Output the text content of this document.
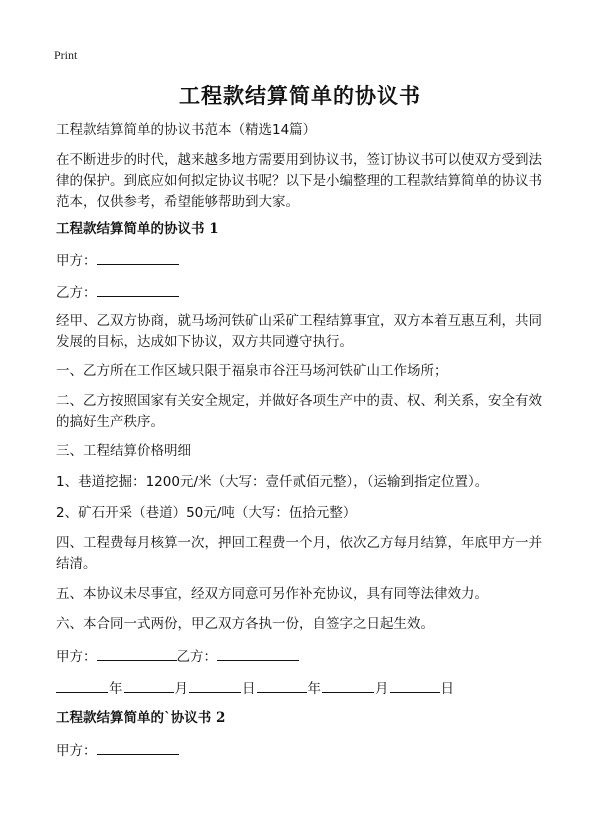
Print
工程款结算简单的协议书
工程款结算简单的协议书范本（精选14篇）
在不断进步的时代，越来越多地方需要用到协议书，签订协议书可以使双方受到法
律的保护。到底应如何拟定协议书呢？以下是小编整理的工程款结算简单的协议书
范本，仅供参考，希望能够帮助到大家。
工程款结算简单的协议书 1
甲方：
乙方：
经甲、乙双方协商，就马场河铁矿山采矿工程结算事宜，双方本着互惠互利，共同
发展的目标，达成如下协议，双方共同遵守执行。
一、乙方所在工作区域只限于福泉市谷汪马场河铁矿山工作场所；
二、乙方按照国家有关安全规定，并做好各项生产中的责、权、利关系，安全有效
的搞好生产秩序。
三、工程结算价格明细
1、巷道挖掘：1200元/米（大写：壹仟贰佰元整），（运输到指定位置）。
2、矿石开采（巷道）50元/吨（大写：伍拾元整）
四、工程费每月核算一次，押回工程费一个月，依次乙方每月结算，年底甲方一并
结清。
五、本协议未尽事宜，经双方同意可另作补充协议，具有同等法律效力。
六、本合同一式两份，甲乙双方各执一份，自签字之日起生效。
甲方：	乙方：
年	月	日	年	月	日
工程款结算简单的`协议书 2
甲方：
